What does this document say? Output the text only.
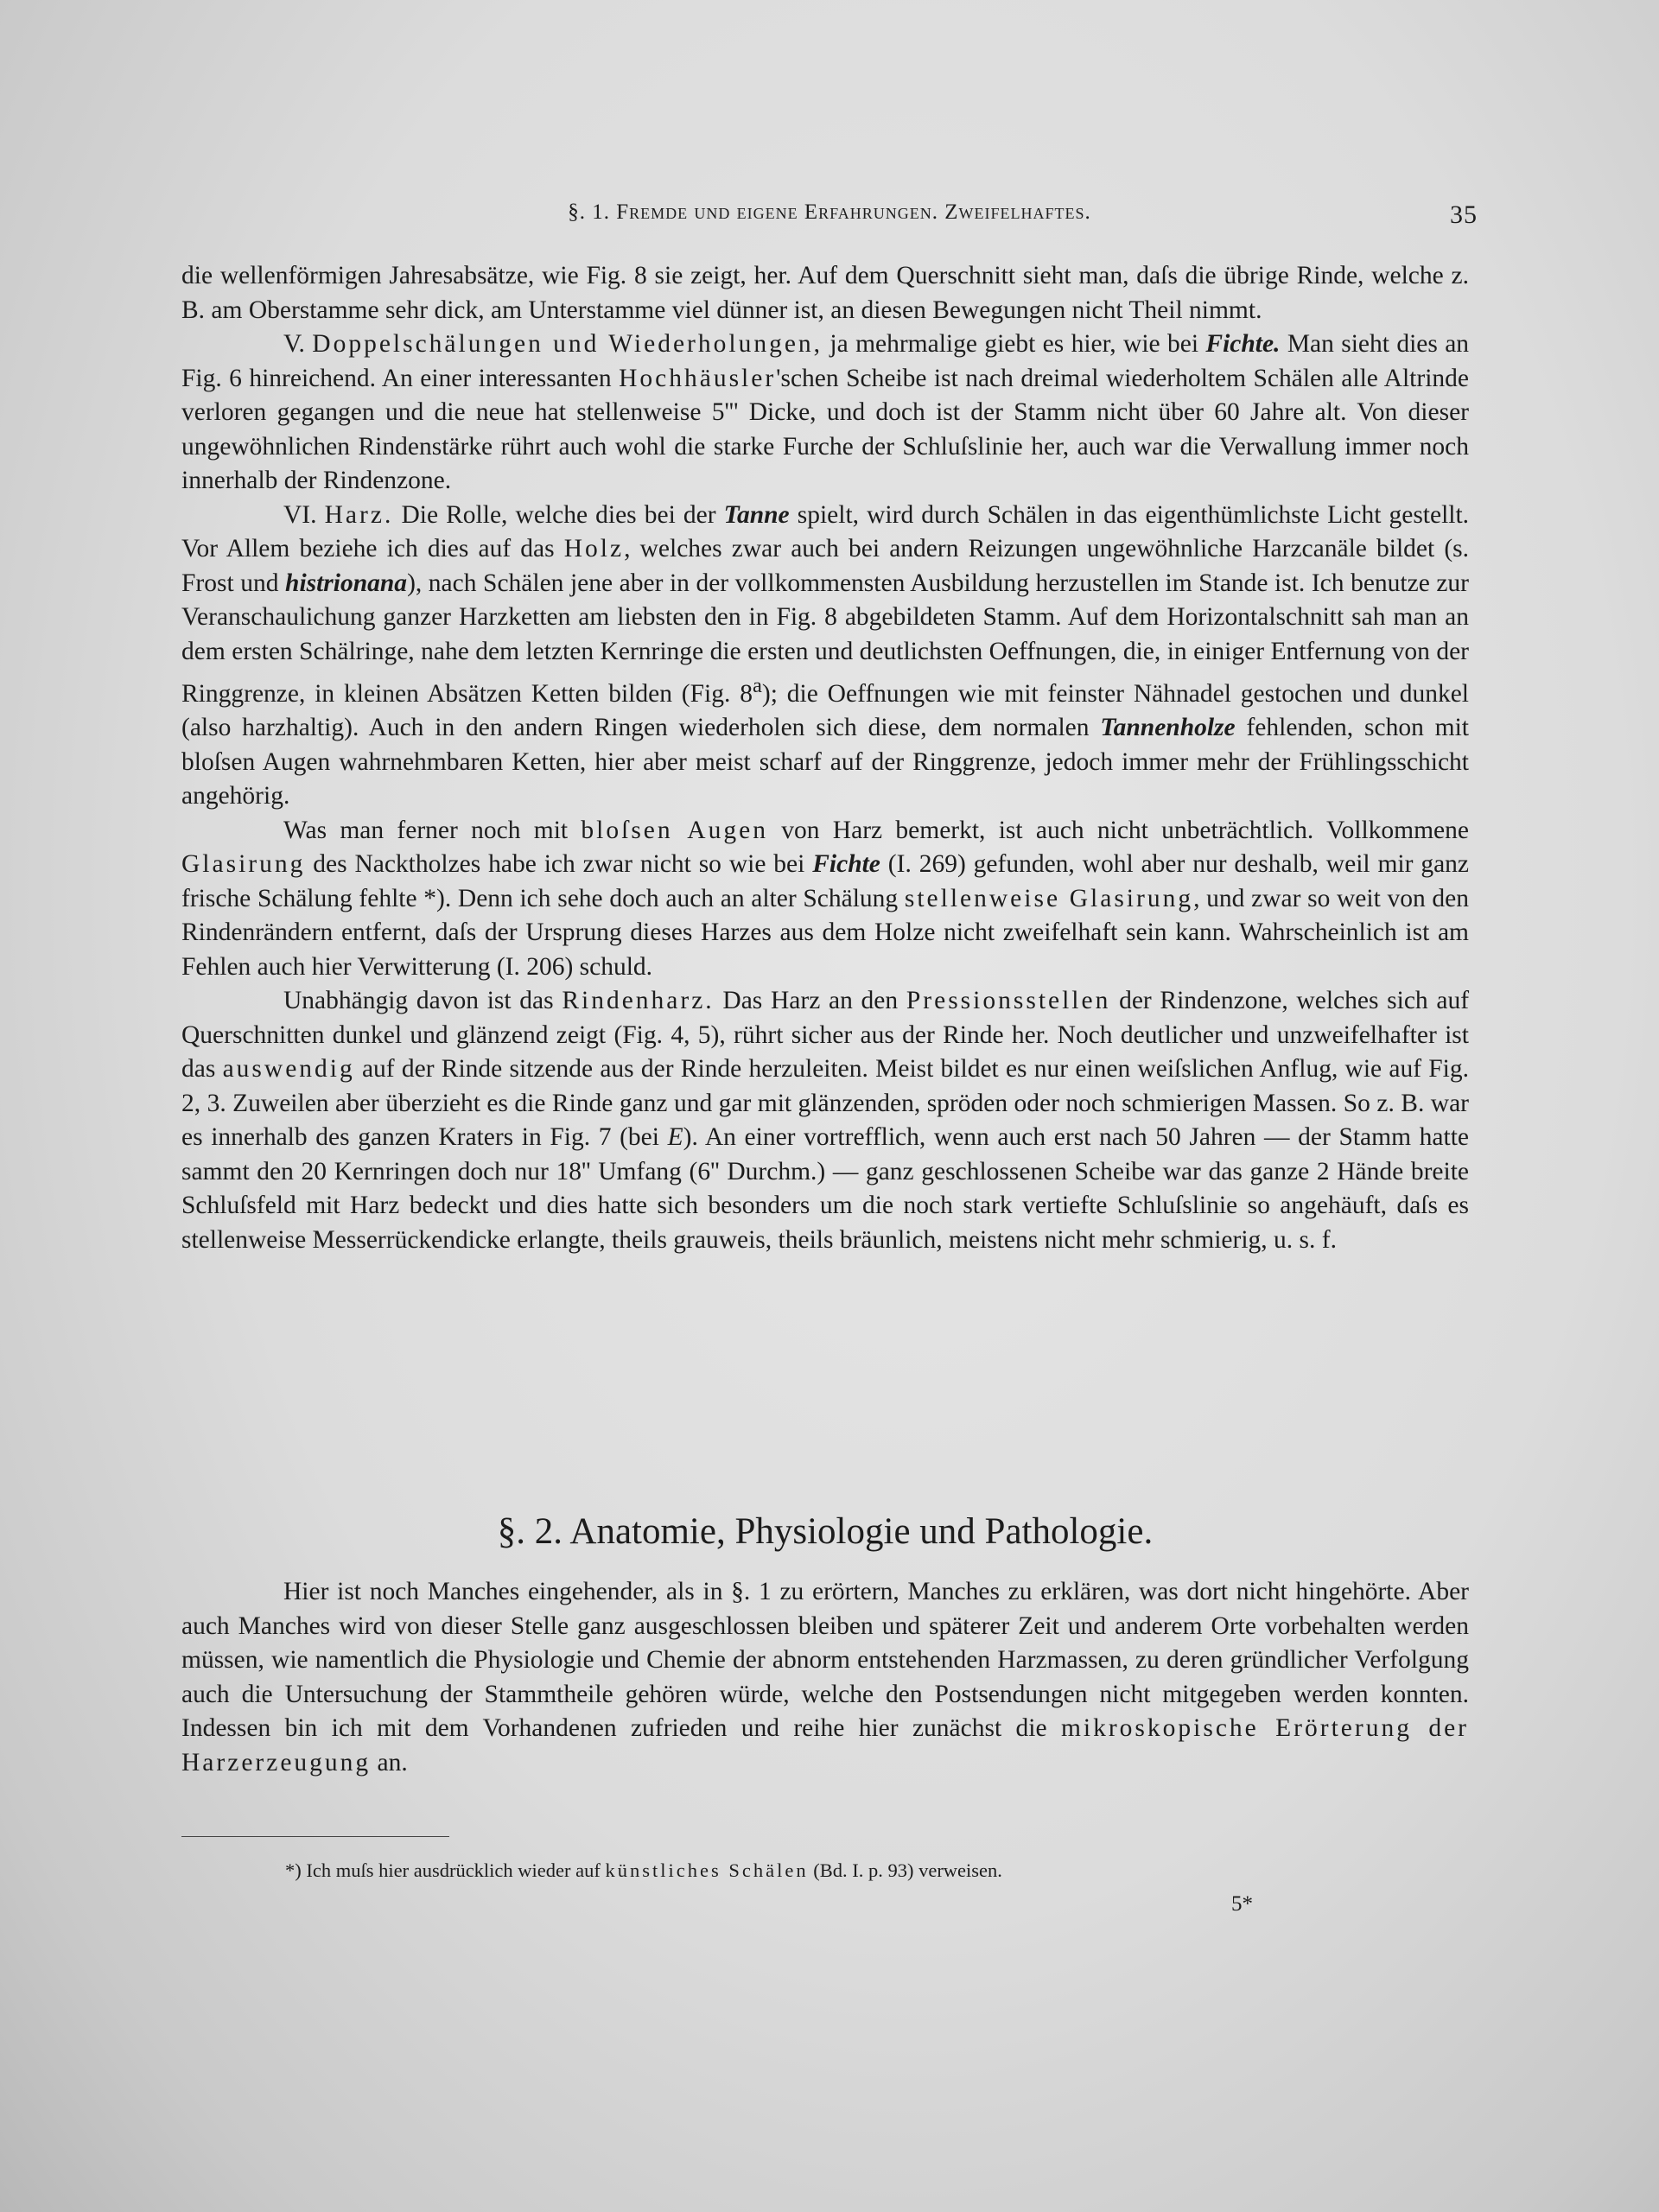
§. 1. Fremde und eigene Erfahrungen. Zweifelhaftes.	35

die wellenförmigen Jahresabsätze, wie Fig. 8 sie zeigt, her. Auf dem Querschnitt sieht man, daſs die übrige Rinde, welche z. B. am Oberstamme sehr dick, am Unterstamme viel dünner ist, an diesen Bewegungen nicht Theil nimmt.

V. Doppelschälungen und Wiederholungen, ja mehrmalige giebt es hier, wie bei Fichte. Man sieht dies an Fig. 6 hinreichend. An einer interessanten Hochhäusler'schen Scheibe ist nach dreimal wiederholtem Schälen alle Altrinde verloren gegangen und die neue hat stellenweise 5''' Dicke, und doch ist der Stamm nicht über 60 Jahre alt. Von dieser ungewöhnlichen Rindenstärke rührt auch wohl die starke Furche der Schluſslinie her, auch war die Verwallung immer noch innerhalb der Rindenzone.

VI. Harz. Die Rolle, welche dies bei der Tanne spielt, wird durch Schälen in das eigenthümlichste Licht gestellt. Vor Allem beziehe ich dies auf das Holz, welches zwar auch bei andern Reizungen ungewöhnliche Harzcanäle bildet (s. Frost und histrionana), nach Schälen jene aber in der vollkommensten Ausbildung herzustellen im Stande ist. Ich benutze zur Veranschaulichung ganzer Harzketten am liebsten den in Fig. 8 abgebildeten Stamm. Auf dem Horizontalschnitt sah man an dem ersten Schälringe, nahe dem letzten Kernringe die ersten und deutlichsten Oeffnungen, die, in einiger Entfernung von der Ringgrenze, in kleinen Absätzen Ketten bilden (Fig. 8$^a$); die Oeffnungen wie mit feinster Nähnadel gestochen und dunkel (also harzhaltig). Auch in den andern Ringen wiederholen sich diese, dem normalen Tannenholze fehlenden, schon mit bloſsen Augen wahrnehmbaren Ketten, hier aber meist scharf auf der Ringgrenze, jedoch immer mehr der Frühlingsschicht angehörig.

Was man ferner noch mit bloſsen Augen von Harz bemerkt, ist auch nicht unbeträchtlich. Vollkommene Glasirung des Nacktholzes habe ich zwar nicht so wie bei Fichte (I. 269) gefunden, wohl aber nur deshalb, weil mir ganz frische Schälung fehlte *). Denn ich sehe doch auch an alter Schälung stellenweise Glasirung, und zwar so weit von den Rindenrändern entfernt, daſs der Ursprung dieses Harzes aus dem Holze nicht zweifelhaft sein kann. Wahrscheinlich ist am Fehlen auch hier Verwitterung (I. 206) schuld.

Unabhängig davon ist das Rindenharz. Das Harz an den Pressionsstellen der Rindenzone, welches sich auf Querschnitten dunkel und glänzend zeigt (Fig. 4, 5), rührt sicher aus der Rinde her. Noch deutlicher und unzweifelhafter ist das auswendig auf der Rinde sitzende aus der Rinde herzuleiten. Meist bildet es nur einen weiſslichen Anflug, wie auf Fig. 2, 3. Zuweilen aber überzieht es die Rinde ganz und gar mit glänzenden, spröden oder noch schmierigen Massen. So z. B. war es innerhalb des ganzen Kraters in Fig. 7 (bei E). An einer vortrefflich, wenn auch erst nach 50 Jahren — der Stamm hatte sammt den 20 Kernringen doch nur 18'' Umfang (6'' Durchm.) — ganz geschlossenen Scheibe war das ganze 2 Hände breite Schluſsfeld mit Harz bedeckt und dies hatte sich besonders um die noch stark vertiefte Schluſslinie so angehäuft, daſs es stellenweise Messerrückendicke erlangte, theils grauweis, theils bräunlich, meistens nicht mehr schmierig, u. s. f.

§. 2. Anatomie, Physiologie und Pathologie.

Hier ist noch Manches eingehender, als in §. 1 zu erörtern, Manches zu erklären, was dort nicht hingehörte. Aber auch Manches wird von dieser Stelle ganz ausgeschlossen bleiben und späterer Zeit und anderem Orte vorbehalten werden müssen, wie namentlich die Physiologie und Chemie der abnorm entstehenden Harzmassen, zu deren gründlicher Verfolgung auch die Untersuchung der Stammtheile gehören würde, welche den Postsendungen nicht mitgegeben werden konnten. Indessen bin ich mit dem Vorhandenen zufrieden und reihe hier zunächst die mikroskopische Erörterung der Harzerzeugung an.

*) Ich muſs hier ausdrücklich wieder auf künstliches Schälen (Bd. I. p. 93) verweisen.
5*
